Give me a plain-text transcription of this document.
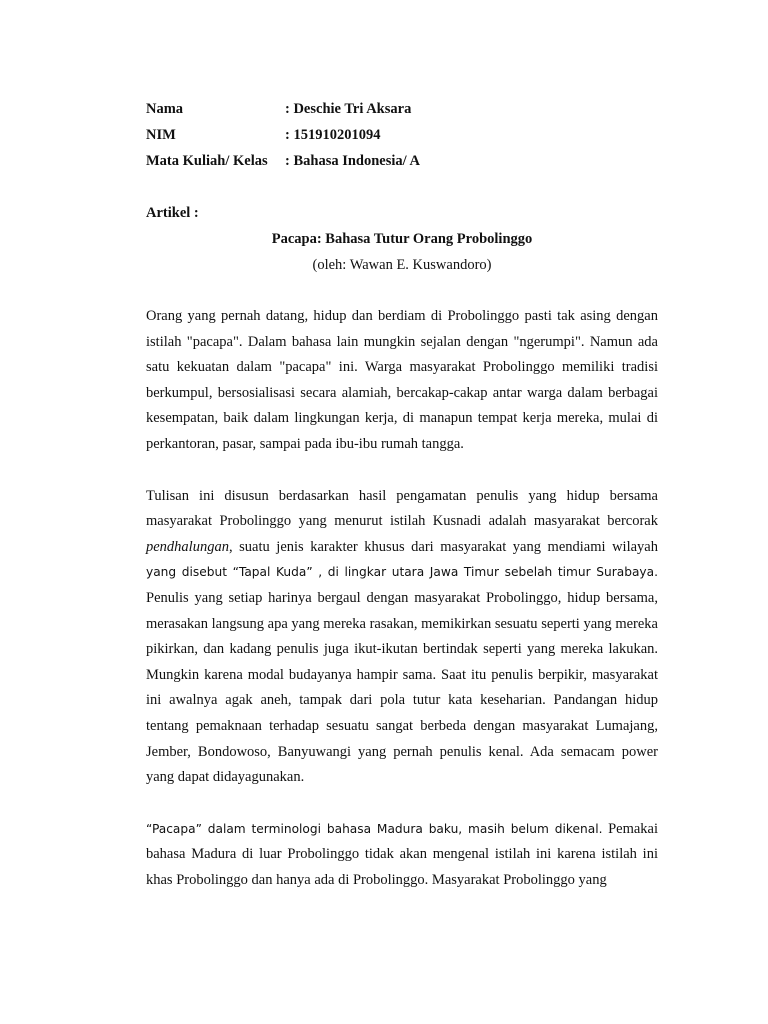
Nama	: Deschie Tri Aksara
NIM	: 151910201094
Mata Kuliah/ Kelas	: Bahasa Indonesia/ A
Artikel :
Pacapa: Bahasa Tutur Orang Probolinggo
(oleh: Wawan E. Kuswandoro)

Orang yang pernah datang, hidup dan berdiam di Probolinggo pasti tak asing dengan istilah "pacapa". Dalam bahasa lain mungkin sejalan dengan "ngerumpi". Namun ada satu kekuatan dalam "pacapa" ini. Warga masyarakat Probolinggo memiliki tradisi berkumpul, bersosialisasi secara alamiah, bercakap-cakap antar warga dalam berbagai kesempatan, baik dalam lingkungan kerja, di manapun tempat kerja mereka, mulai di perkantoran, pasar, sampai pada ibu-ibu rumah tangga.

Tulisan ini disusun berdasarkan hasil pengamatan penulis yang hidup bersama masyarakat Probolinggo yang menurut istilah Kusnadi adalah masyarakat bercorak pendhalungan, suatu jenis karakter khusus dari masyarakat yang mendiami wilayah yang disebut “Tapal Kuda” , di lingkar utara Jawa Timur sebelah timur Surabaya. Penulis yang setiap harinya bergaul dengan masyarakat Probolinggo, hidup bersama, merasakan langsung apa yang mereka rasakan, memikirkan sesuatu seperti yang mereka pikirkan, dan kadang penulis juga ikut-ikutan bertindak seperti yang mereka lakukan. Mungkin karena modal budayanya hampir sama. Saat itu penulis berpikir, masyarakat ini awalnya agak aneh, tampak dari pola tutur kata keseharian. Pandangan hidup tentang pemaknaan terhadap sesuatu sangat berbeda dengan masyarakat Lumajang, Jember, Bondowoso, Banyuwangi yang pernah penulis kenal. Ada semacam power yang dapat didayagunakan.

“Pacapa” dalam terminologi bahasa Madura baku, masih belum dikenal. Pemakai bahasa Madura di luar Probolinggo tidak akan mengenal istilah ini karena istilah ini khas Probolinggo dan hanya ada di Probolinggo. Masyarakat Probolinggo yang
